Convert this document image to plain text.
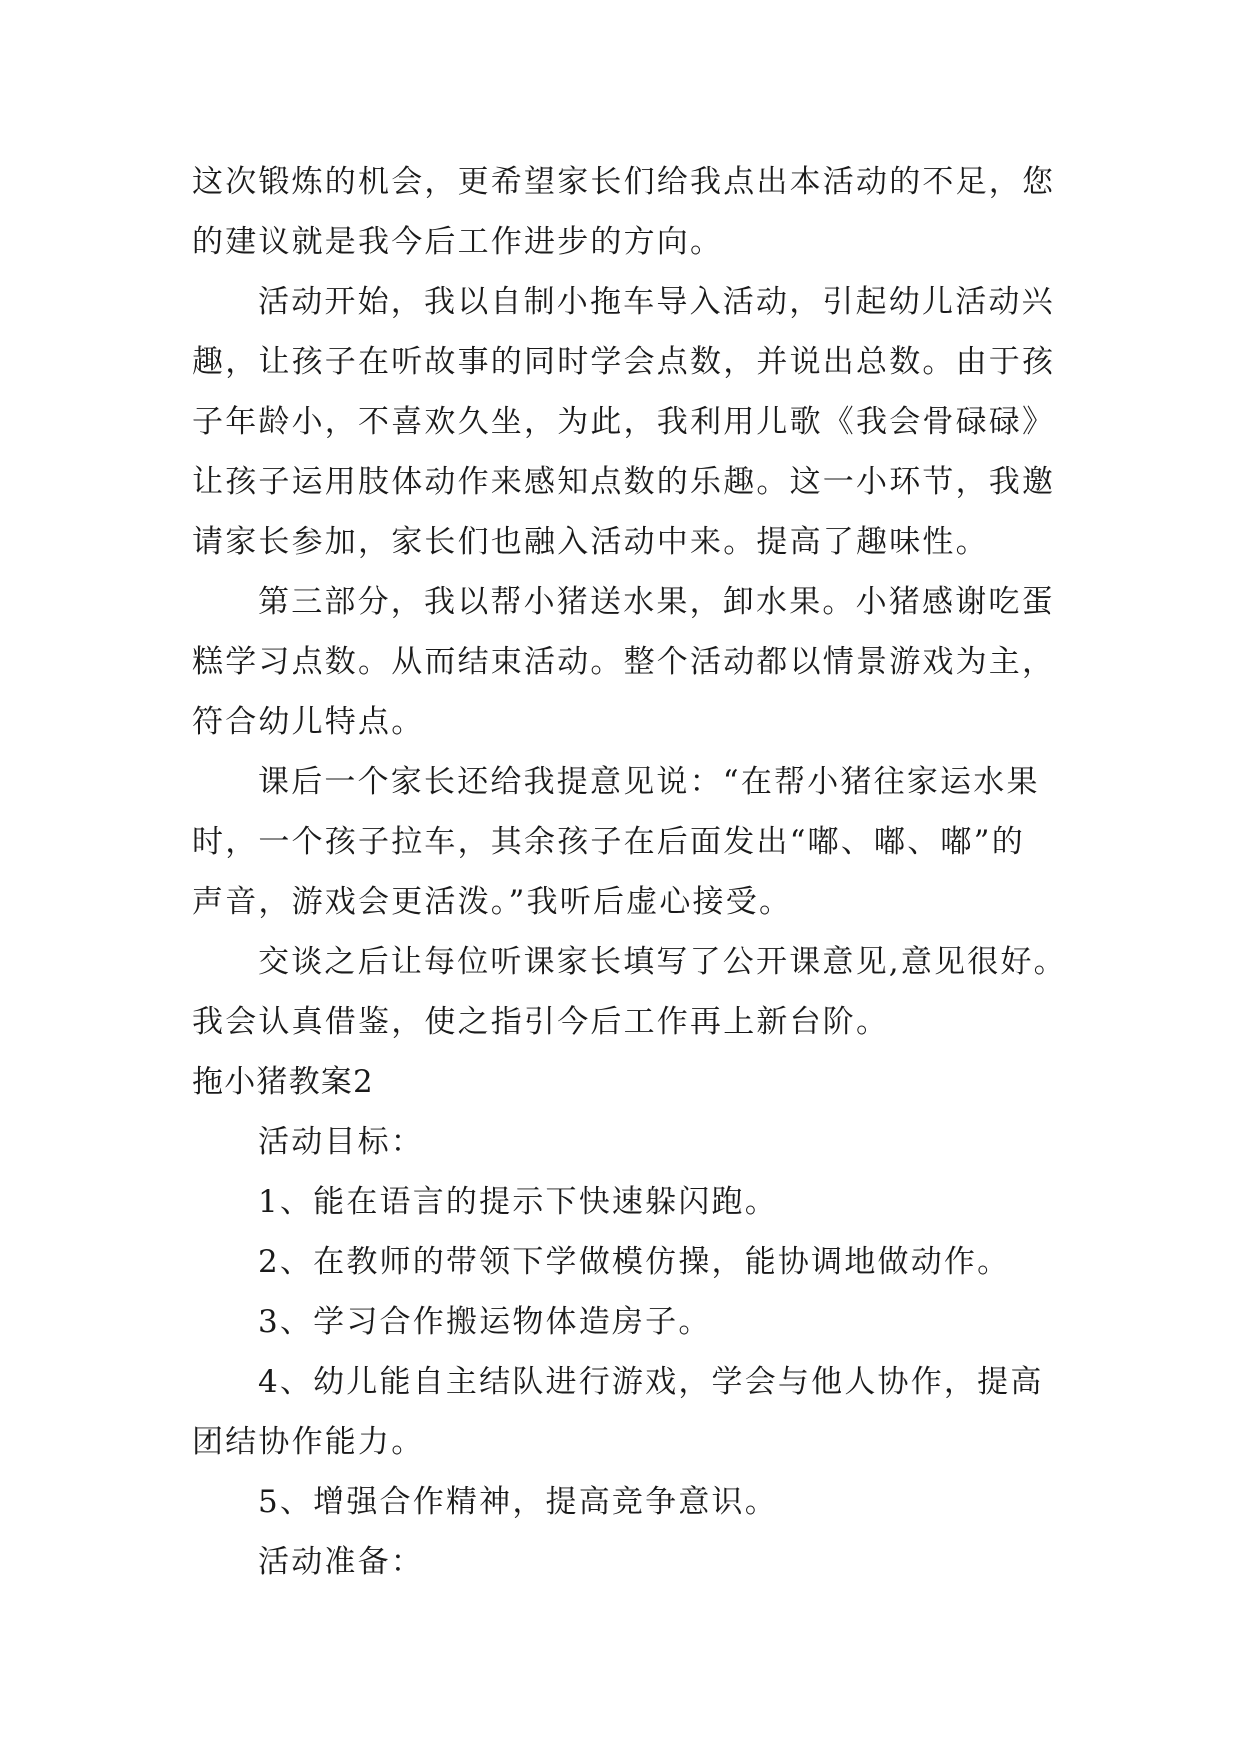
这次锻炼的机会，更希望家长们给我点出本活动的不足，您
的建议就是我今后工作进步的方向。
活动开始，我以自制小拖车导入活动，引起幼儿活动兴
趣，让孩子在听故事的同时学会点数，并说出总数。由于孩
子年龄小，不喜欢久坐，为此，我利用儿歌《我会骨碌碌》
让孩子运用肢体动作来感知点数的乐趣。这一小环节，我邀
请家长参加，家长们也融入活动中来。提高了趣味性。
第三部分，我以帮小猪送水果，卸水果。小猪感谢吃蛋
糕学习点数。从而结束活动。整个活动都以情景游戏为主，
符合幼儿特点。
课后一个家长还给我提意见说：“在帮小猪往家运水果
时，一个孩子拉车，其余孩子在后面发出“嘟、嘟、嘟”的
声音，游戏会更活泼。”我听后虚心接受。
交谈之后让每位听课家长填写了公开课意见,意见很好。
我会认真借鉴，使之指引今后工作再上新台阶。
拖小猪教案2
活动目标：
1、能在语言的提示下快速躲闪跑。
2、在教师的带领下学做模仿操，能协调地做动作。
3、学习合作搬运物体造房子。
4、幼儿能自主结队进行游戏，学会与他人协作，提高
团结协作能力。
5、增强合作精神，提高竞争意识。
活动准备：
